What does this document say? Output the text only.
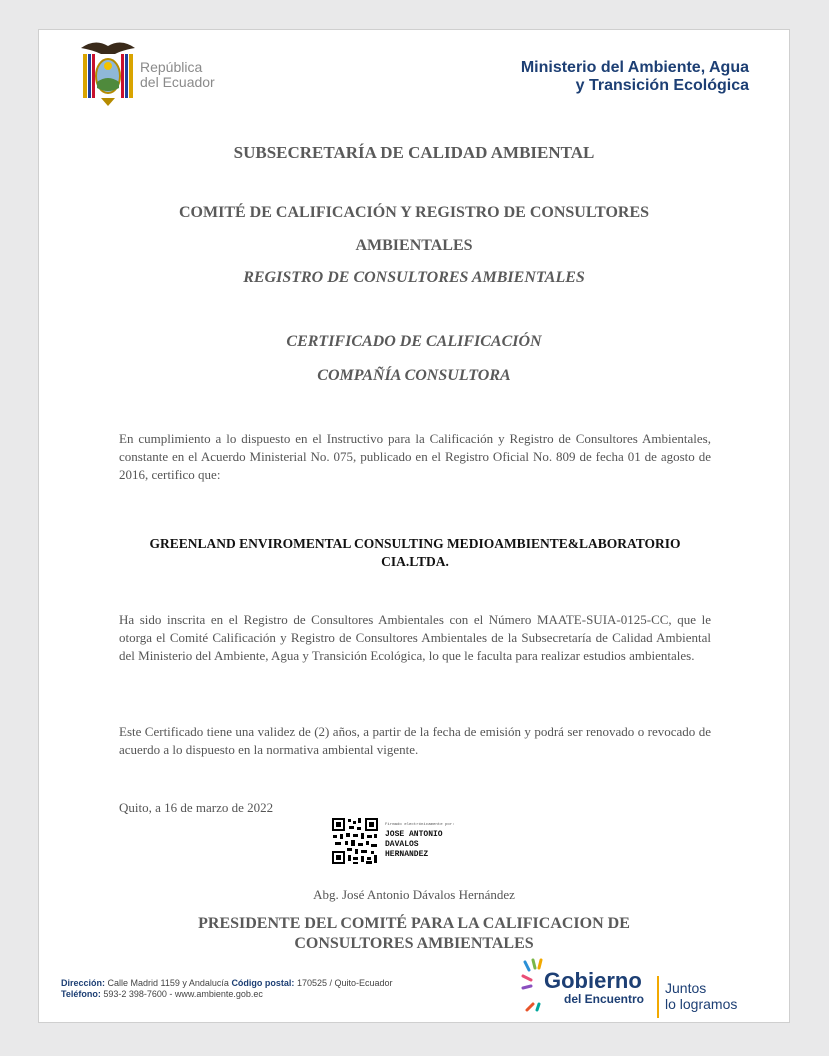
República
del Ecuador
Ministerio del Ambiente, Agua
y Transición Ecológica
SUBSECRETARÍA DE CALIDAD AMBIENTAL
COMITÉ DE CALIFICACIÓN Y REGISTRO DE CONSULTORES
AMBIENTALES
REGISTRO DE CONSULTORES AMBIENTALES
CERTIFICADO DE CALIFICACIÓN
COMPAÑÍA CONSULTORA
En cumplimiento a lo dispuesto en el Instructivo para la Calificación y Registro de Consultores Ambientales, constante en el Acuerdo Ministerial No. 075, publicado en el Registro Oficial No. 809 de fecha 01 de agosto de 2016, certifico que:
GREENLAND ENVIROMENTAL CONSULTING MEDIOAMBIENTE&LABORATORIO
CIA.LTDA.
Ha sido inscrita en el Registro de Consultores Ambientales con el Número MAATE-SUIA-0125-CC, que le otorga el Comité Calificación y Registro de Consultores Ambientales de la Subsecretaría de Calidad Ambiental del Ministerio del Ambiente, Agua y Transición Ecológica, lo que le faculta para realizar estudios ambientales.
Este Certificado tiene una validez de (2) años, a partir de la fecha de emisión y podrá ser renovado o revocado de acuerdo a lo dispuesto en la normativa ambiental vigente.
Quito, a 16 de marzo de 2022
Firmado electrónicamente por:
JOSE ANTONIO
DAVALOS
HERNANDEZ
Abg. José Antonio Dávalos Hernández
PRESIDENTE DEL COMITÉ PARA LA CALIFICACION DE
CONSULTORES AMBIENTALES
Dirección: Calle Madrid 1159 y Andalucía Código postal: 170525 / Quito-Ecuador
Teléfono: 593-2 398-7600 - www.ambiente.gob.ec
Gobierno
del Encuentro
Juntos
lo logramos
